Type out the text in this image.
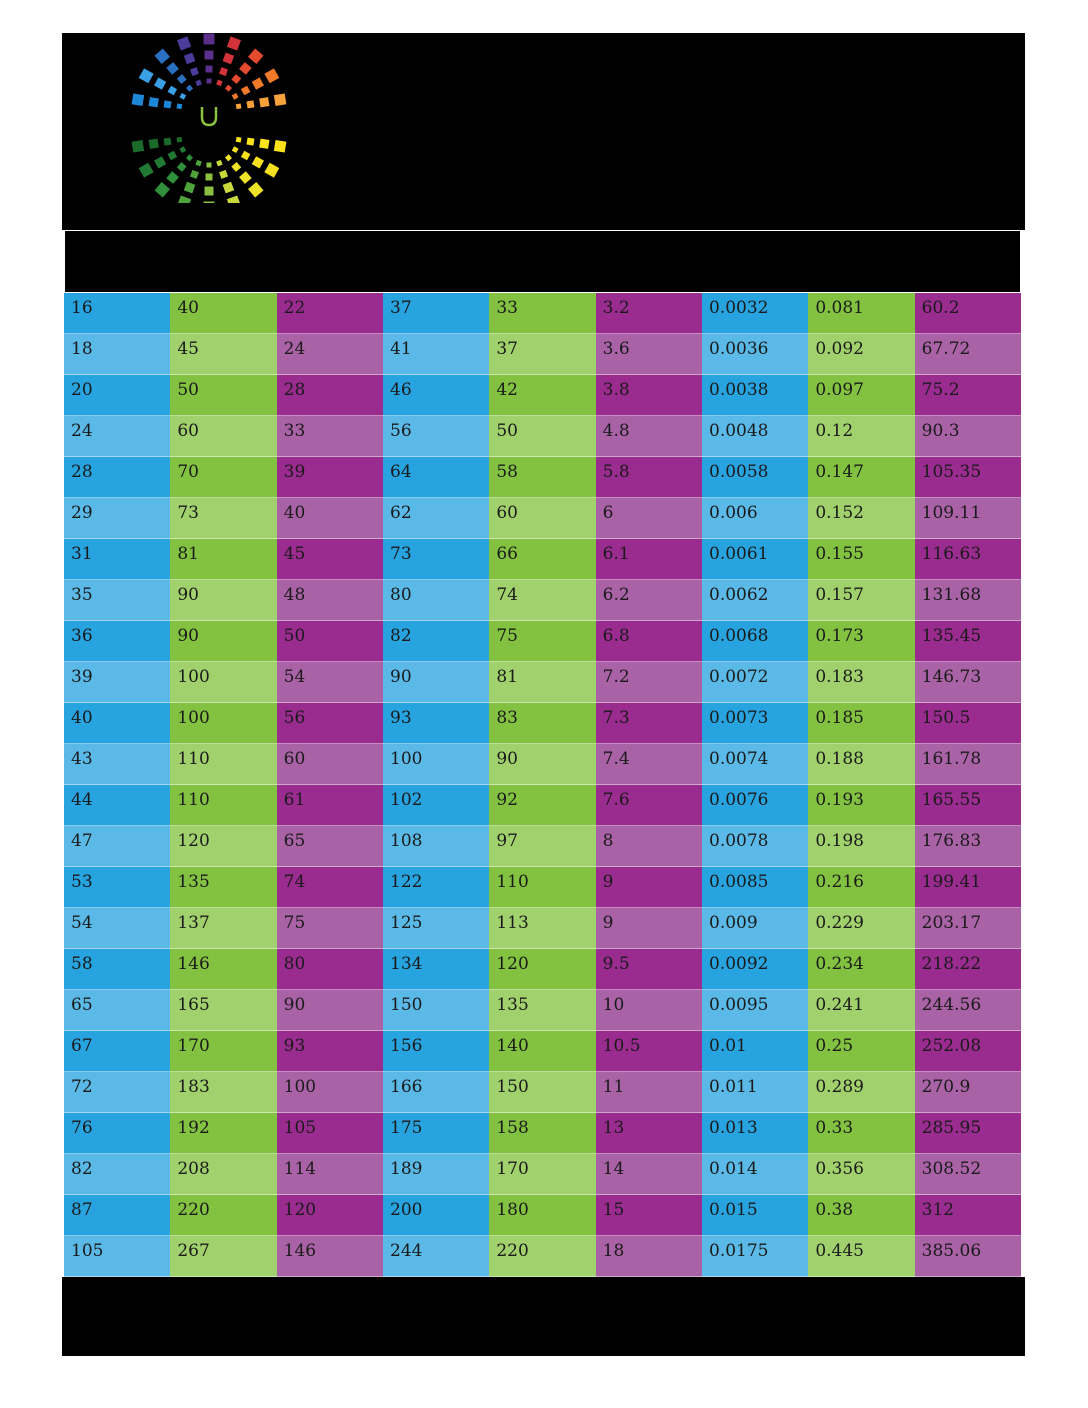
16	40	22	37	33	3.2	0.0032	0.081	60.2
18	45	24	41	37	3.6	0.0036	0.092	67.72
20	50	28	46	42	3.8	0.0038	0.097	75.2
24	60	33	56	50	4.8	0.0048	0.12	90.3
28	70	39	64	58	5.8	0.0058	0.147	105.35
29	73	40	62	60	6	0.006	0.152	109.11
31	81	45	73	66	6.1	0.0061	0.155	116.63
35	90	48	80	74	6.2	0.0062	0.157	131.68
36	90	50	82	75	6.8	0.0068	0.173	135.45
39	100	54	90	81	7.2	0.0072	0.183	146.73
40	100	56	93	83	7.3	0.0073	0.185	150.5
43	110	60	100	90	7.4	0.0074	0.188	161.78
44	110	61	102	92	7.6	0.0076	0.193	165.55
47	120	65	108	97	8	0.0078	0.198	176.83
53	135	74	122	110	9	0.0085	0.216	199.41
54	137	75	125	113	9	0.009	0.229	203.17
58	146	80	134	120	9.5	0.0092	0.234	218.22
65	165	90	150	135	10	0.0095	0.241	244.56
67	170	93	156	140	10.5	0.01	0.25	252.08
72	183	100	166	150	11	0.011	0.289	270.9
76	192	105	175	158	13	0.013	0.33	285.95
82	208	114	189	170	14	0.014	0.356	308.52
87	220	120	200	180	15	0.015	0.38	312
105	267	146	244	220	18	0.0175	0.445	385.06
